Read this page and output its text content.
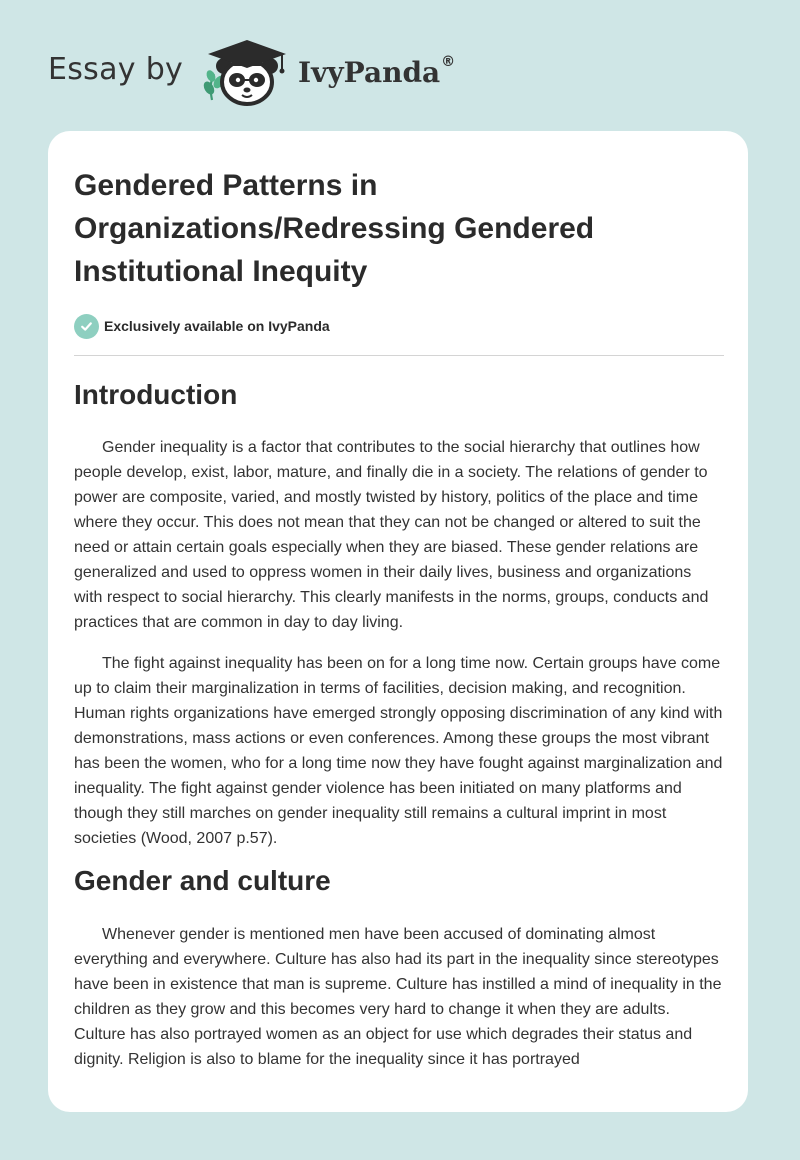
Essay by	IvyPanda®
Gendered Patterns in Organizations/Redressing Gendered Institutional Inequity
Exclusively available on IvyPanda
Introduction

Gender inequality is a factor that contributes to the social hierarchy that outlines how people develop, exist, labor, mature, and finally die in a society. The relations of gender to power are composite, varied, and mostly twisted by history, politics of the place and time where they occur. This does not mean that they can not be changed or altered to suit the need or attain certain goals especially when they are biased. These gender relations are generalized and used to oppress women in their daily lives, business and organizations with respect to social hierarchy. This clearly manifests in the norms, groups, conducts and practices that are common in day to day living.

The fight against inequality has been on for a long time now. Certain groups have come up to claim their marginalization in terms of facilities, decision making, and recognition. Human rights organizations have emerged strongly opposing discrimination of any kind with demonstrations, mass actions or even conferences. Among these groups the most vibrant has been the women, who for a long time now they have fought against marginalization and inequality. The fight against gender violence has been initiated on many platforms and though they still marches on gender inequality still remains a cultural imprint in most societies (Wood, 2007 p.57).

Gender and culture

Whenever gender is mentioned men have been accused of dominating almost everything and everywhere. Culture has also had its part in the inequality since stereotypes have been in existence that man is supreme. Culture has instilled a mind of inequality in the children as they grow and this becomes very hard to change it when they are adults. Culture has also portrayed women as an object for use which degrades their status and dignity. Religion is also to blame for the inequality since it has portrayed
